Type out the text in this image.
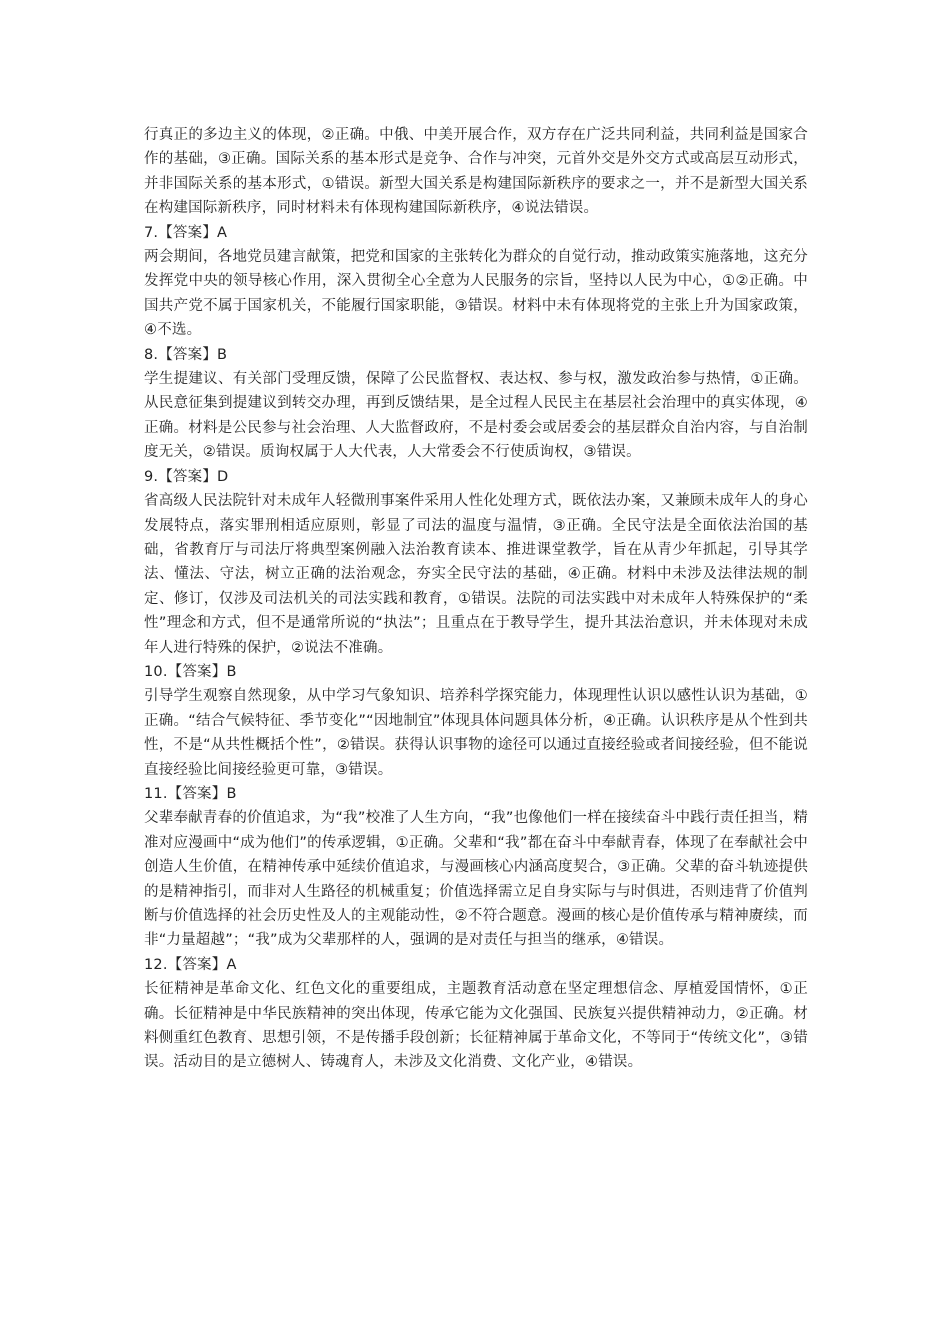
行真正的多边主义的体现，②正确。中俄、中美开展合作，双方存在广泛共同利益，共同利益是国家合作的基础，③正确。国际关系的基本形式是竞争、合作与冲突，元首外交是外交方式或高层互动形式，并非国际关系的基本形式，①错误。新型大国关系是构建国际新秩序的要求之一，并不是新型大国关系在构建国际新秩序，同时材料未有体现构建国际新秩序，④说法错误。

7.【答案】A

两会期间，各地党员建言献策，把党和国家的主张转化为群众的自觉行动，推动政策实施落地，这充分发挥党中央的领导核心作用，深入贯彻全心全意为人民服务的宗旨，坚持以人民为中心，①②正确。中国共产党不属于国家机关，不能履行国家职能，③错误。材料中未有体现将党的主张上升为国家政策，④不选。

8.【答案】B

学生提建议、有关部门受理反馈，保障了公民监督权、表达权、参与权，激发政治参与热情，①正确。从民意征集到提建议到转交办理，再到反馈结果，是全过程人民民主在基层社会治理中的真实体现，④正确。材料是公民参与社会治理、人大监督政府，不是村委会或居委会的基层群众自治内容，与自治制度无关，②错误。质询权属于人大代表，人大常委会不行使质询权，③错误。

9.【答案】D

省高级人民法院针对未成年人轻微刑事案件采用人性化处理方式，既依法办案，又兼顾未成年人的身心发展特点，落实罪刑相适应原则，彰显了司法的温度与温情，③正确。全民守法是全面依法治国的基础，省教育厅与司法厅将典型案例融入法治教育读本、推进课堂教学，旨在从青少年抓起，引导其学法、懂法、守法，树立正确的法治观念，夯实全民守法的基础，④正确。材料中未涉及法律法规的制定、修订，仅涉及司法机关的司法实践和教育，①错误。法院的司法实践中对未成年人特殊保护的“柔性”理念和方式，但不是通常所说的“执法”；且重点在于教导学生，提升其法治意识，并未体现对未成年人进行特殊的保护，②说法不准确。

10.【答案】B

引导学生观察自然现象，从中学习气象知识、培养科学探究能力，体现理性认识以感性认识为基础，①正确。“结合气候特征、季节变化”“因地制宜”体现具体问题具体分析，④正确。认识秩序是从个性到共性，不是“从共性概括个性”，②错误。获得认识事物的途径可以通过直接经验或者间接经验，但不能说直接经验比间接经验更可靠，③错误。

11.【答案】B

父辈奉献青春的价值追求，为“我”校准了人生方向，“我”也像他们一样在接续奋斗中践行责任担当，精准对应漫画中“成为他们”的传承逻辑，①正确。父辈和“我”都在奋斗中奉献青春，体现了在奉献社会中创造人生价值，在精神传承中延续价值追求，与漫画核心内涵高度契合，③正确。父辈的奋斗轨迹提供的是精神指引，而非对人生路径的机械重复；价值选择需立足自身实际与与时俱进，否则违背了价值判断与价值选择的社会历史性及人的主观能动性，②不符合题意。漫画的核心是价值传承与精神赓续，而非“力量超越”；“我”成为父辈那样的人，强调的是对责任与担当的继承，④错误。

12.【答案】A

长征精神是革命文化、红色文化的重要组成，主题教育活动意在坚定理想信念、厚植爱国情怀，①正确。长征精神是中华民族精神的突出体现，传承它能为文化强国、民族复兴提供精神动力，②正确。材料侧重红色教育、思想引领，不是传播手段创新；长征精神属于革命文化，不等同于“传统文化”，③错误。活动目的是立德树人、铸魂育人，未涉及文化消费、文化产业，④错误。
